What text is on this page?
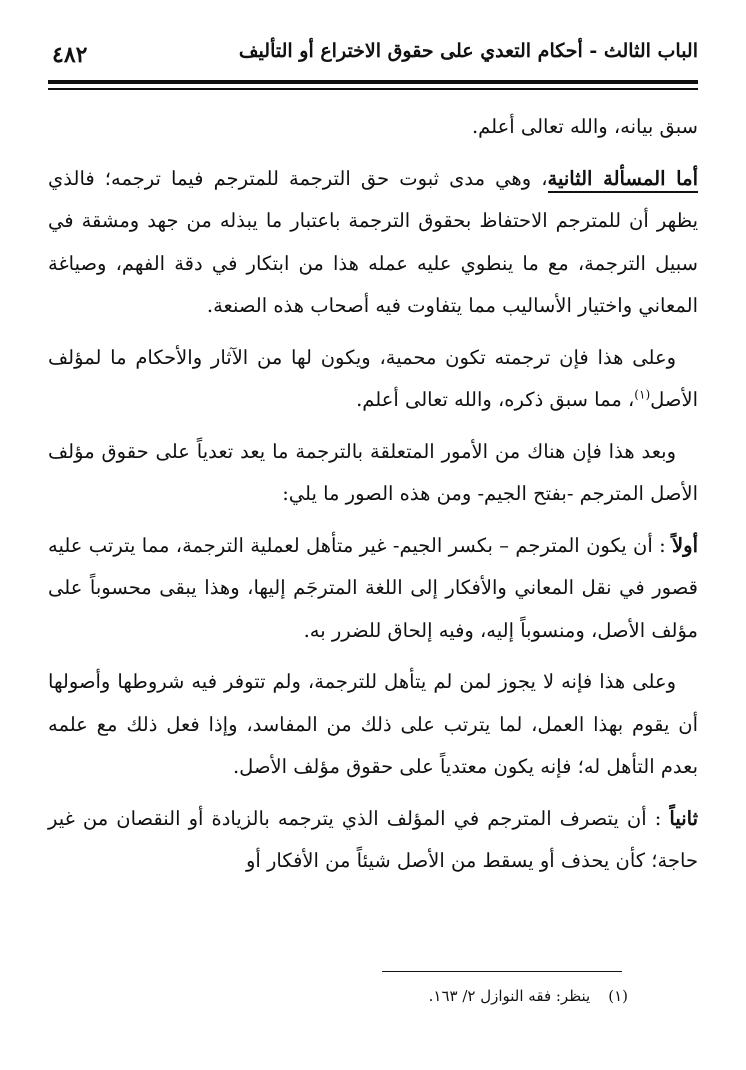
الباب الثالث - أحكام التعدي على حقوق الاختراع أو التأليف
٤٨٢

سبق بيانه، والله تعالى أعلم.

أما المسألة الثانية، وهي مدى ثبوت حق الترجمة للمترجم فيما ترجمه؛ فالذي يظهر أن للمترجم الاحتفاظ بحقوق الترجمة باعتبار ما يبذله من جهد ومشقة في سبيل الترجمة، مع ما ينطوي عليه عمله هذا من ابتكار في دقة الفهم، وصياغة المعاني واختيار الأساليب مما يتفاوت فيه أصحاب هذه الصنعة.

وعلى هذا فإن ترجمته تكون محمية، ويكون لها من الآثار والأحكام ما لمؤلف الأصل$^{(١)}$، مما سبق ذكره، والله تعالى أعلم.

وبعد هذا فإن هناك من الأمور المتعلقة بالترجمة ما يعد تعدياً على حقوق مؤلف الأصل المترجم -بفتح الجيم- ومن هذه الصور ما يلي:

أولاً : أن يكون المترجم – بكسر الجيم- غير متأهل لعملية الترجمة، مما يترتب عليه قصور في نقل المعاني والأفكار إلى اللغة المترجَم إليها، وهذا يبقى محسوباً على مؤلف الأصل، ومنسوباً إليه، وفيه إلحاق للضرر به.

وعلى هذا فإنه لا يجوز لمن لم يتأهل للترجمة، ولم تتوفر فيه شروطها وأصولها أن يقوم بهذا العمل، لما يترتب على ذلك من المفاسد، وإذا فعل ذلك مع علمه بعدم التأهل له؛ فإنه يكون معتدياً على حقوق مؤلف الأصل.

ثانياً : أن يتصرف المترجم في المؤلف الذي يترجمه بالزيادة أو النقصان من غير حاجة؛ كأن يحذف أو يسقط من الأصل شيئاً من الأفكار أو

(١)ينظر: فقه النوازل ٢/ ١٦٣.
